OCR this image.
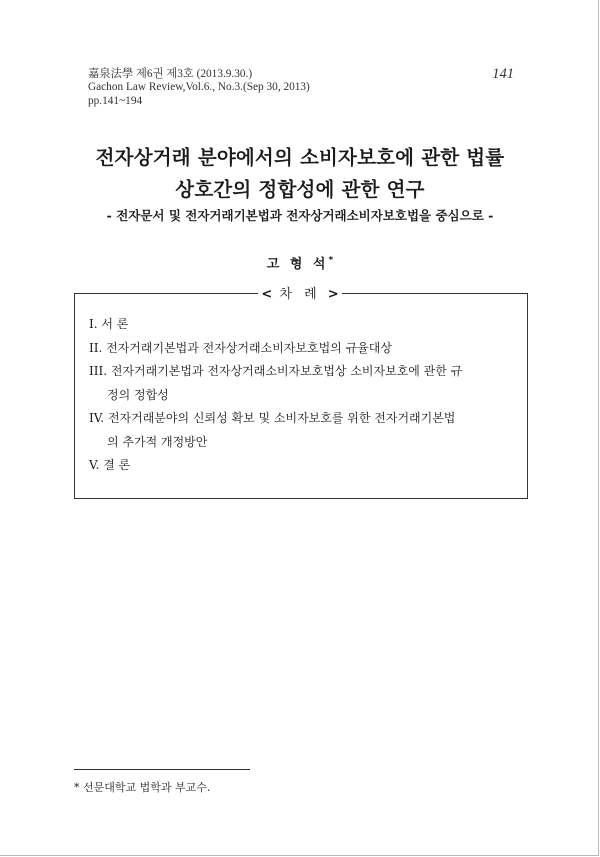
嘉泉法學 제6권 제3호 (2013.9.30.)
Gachon Law Review,Vol.6., No.3.(Sep 30, 2013)
pp.141~194
141
전자상거래 분야에서의 소비자보호에 관한 법률
상호간의 정합성에 관한 연구
- 전자문서 및 전자거래기본법과 전자상거래소비자보호법을 중심으로 -
고 형 석*
< 차 례 >
I. 서 론
II. 전자거래기본법과 전자상거래소비자보호법의 규율대상
III. 전자거래기본법과 전자상거래소비자보호법상 소비자보호에 관한 규
정의 정합성
IV. 전자거래분야의 신뢰성 확보 및 소비자보호를 위한 전자거래기본법
의 추가적 개정방안
V. 결 론
* 선문대학교 법학과 부교수.
